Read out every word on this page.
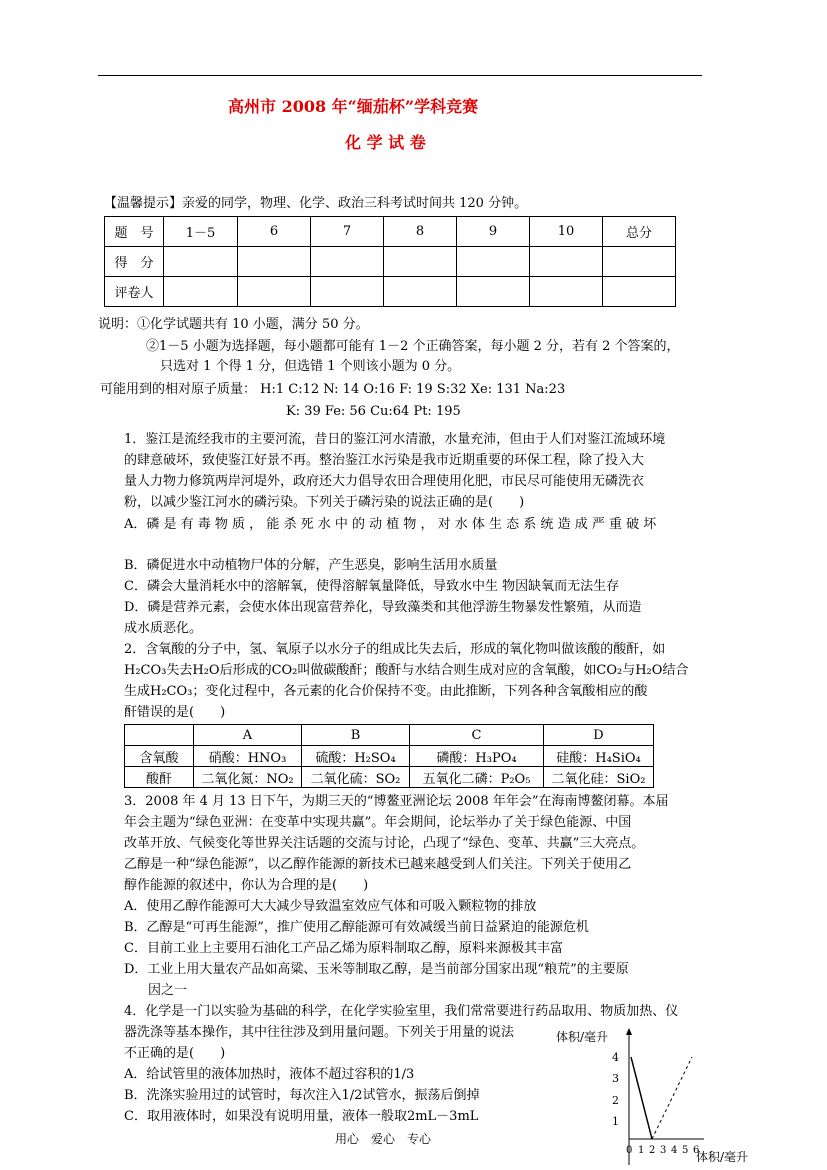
高州市 2008 年“缅茄杯”学科竞赛
化 学 试 卷
【温馨提示】亲爱的同学，物理、化学、政治三科考试时间共 120 分钟。
题　号	1－5	6	7	8	9	10	总分
得　分							
评卷人							
说明：①化学试题共有 10 小题，满分 50 分。
②1－5 小题为选择题，每小题都可能有 1－2 个正确答案，每小题 2 分，若有 2 个答案的，
只选对 1 个得 1 分，但选错 1 个则该小题为 0 分。
可能用到的相对原子质量： H:1 C:12 N: 14 O:16 F: 19 S:32 Xe: 131 Na:23
K: 39 Fe: 56 Cu:64 Pt: 195
1．鉴江是流经我市的主要河流，昔日的鉴江河水清澈，水量充沛，但由于人们对鉴江流域环境
的肆意破坏，致使鉴江好景不再。整治鉴江水污染是我市近期重要的环保工程，除了投入大
量人力物力修筑两岸河堤外，政府还大力倡导农田合理使用化肥，市民尽可能使用无磷洗衣
粉，以减少鉴江河水的磷污染。下列关于磷污染的说法正确的是(　　)
A．磷 是 有 毒 物 质 ， 能 杀 死 水 中 的 动 植 物 ， 对 水 体 生 态 系 统 造 成 严 重 破 坏
B．磷促进水中动植物尸体的分解，产生恶臭，影响生活用水质量
C．磷会大量消耗水中的溶解氧，使得溶解氧量降低，导致水中生 物因缺氧而无法生存
D．磷是营养元素，会使水体出现富营养化，导致藻类和其他浮游生物暴发性繁殖，从而造
成水质恶化。
2．含氧酸的分子中，氢、氧原子以水分子的组成比失去后，形成的氧化物叫做该酸的酸酐，如
H₂CO₃失去H₂O后形成的CO₂叫做碳酸酐；酸酐与水结合则生成对应的含氧酸，如CO₂与H₂O结合
生成H₂CO₃；变化过程中，各元素的化合价保持不变。由此推断，下列各种含氧酸相应的酸
酐错误的是(　　)
	A	B	C	D
含氧酸	硝酸：HNO₃	硫酸：H₂SO₄	磷酸：H₃PO₄	硅酸：H₄SiO₄
酸酐	二氧化氮：NO₂	二氧化硫：SO₂	五氧化二磷：P₂O₅	二氧化硅：SiO₂
3．2008 年 4 月 13 日下午，为期三天的“博鳌亚洲论坛 2008 年年会”在海南博鳌闭幕。本届
年会主题为“绿色亚洲：在变革中实现共赢”。年会期间，论坛举办了关于绿色能源、中国
改革开放、气候变化等世界关注话题的交流与讨论，凸现了“绿色、变革、共赢”三大亮点。
乙醇是一种“绿色能源”，以乙醇作能源的新技术已越来越受到人们关注。下列关于使用乙
醇作能源的叙述中，你认为合理的是(　　)
A．使用乙醇作能源可大大减少导致温室效应气体和可吸入颗粒物的排放
B．乙醇是“可再生能源”，推广使用乙醇能源可有效减缓当前日益紧迫的能源危机
C．目前工业上主要用石油化工产品乙烯为原料制取乙醇，原料来源极其丰富
D．工业上用大量农产品如高粱、玉米等制取乙醇，是当前部分国家出现“粮荒”的主要原
因之一
4．化学是一门以实验为基础的科学，在化学实验室里，我们常常要进行药品取用、物质加热、仪
器洗涤等基本操作，其中往往涉及到用量问题。下列关于用量的说法
不正确的是(　　)
A．给试管里的液体加热时，液体不超过容积的1/3
B．洗涤实验用过的试管时，每次注入1/2试管水，振荡后倒掉
C．取用液体时，如果没有说明用量，液体一般取2mL－3mL
用心　爱心　专心
体积/毫升
4
3
2
1
0 1 2 3 4 5 6
体积/毫升
